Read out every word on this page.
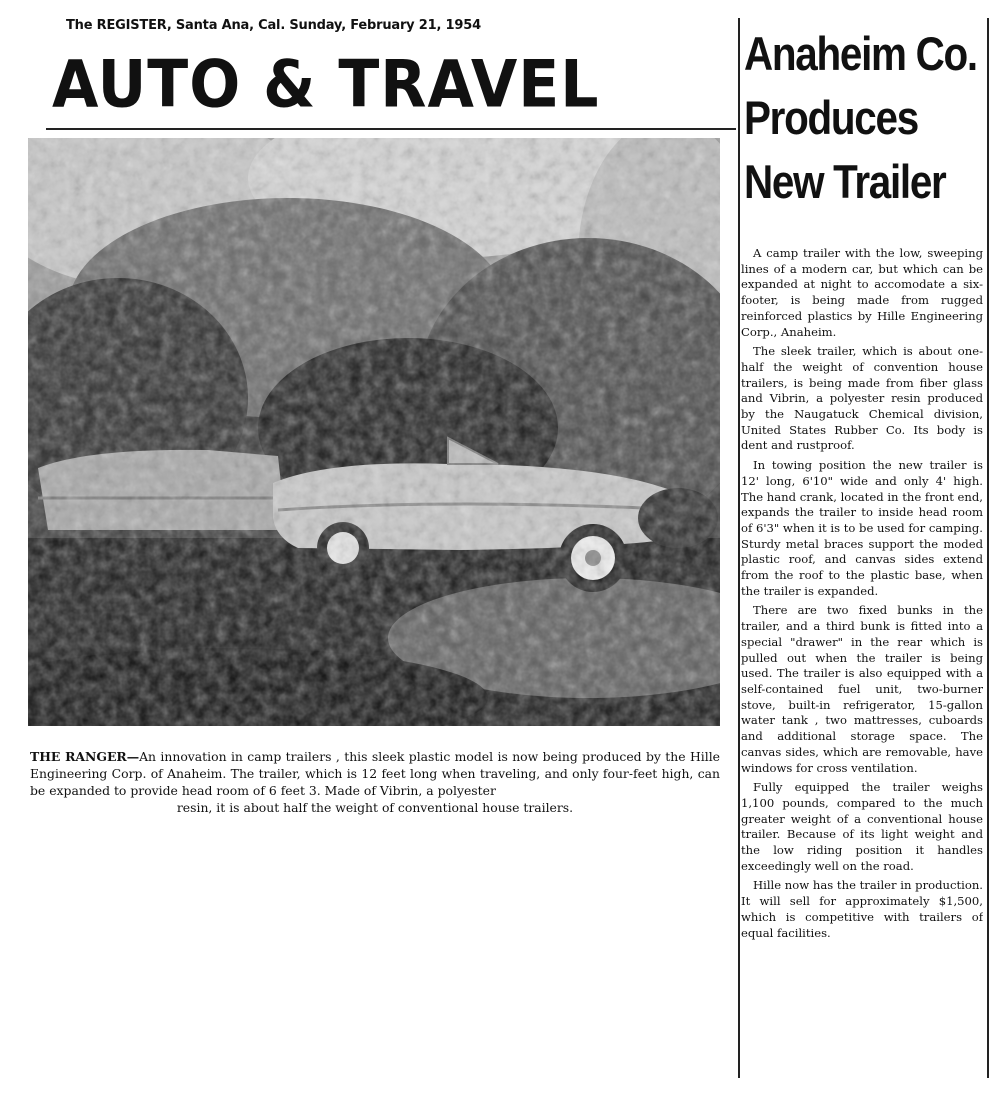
The REGISTER, Santa Ana, Cal. Sunday, February 21, 1954
AUTO & TRAVEL
THE RANGER—An innovation in camp trailers , this sleek plastic model is now being produced by the Hille Engineering Corp. of Anaheim. The trailer, which is 12 feet long when traveling, and only four-feet high, can be expanded to provide head room of 6 feet 3. Made of Vibrin, a polyester
resin, it is about half the weight of conventional house trailers.
Anaheim Co.
Produces
New Trailer

A camp trailer with the low, sweeping lines of a modern car, but which can be expanded at night to accomodate a six-footer, is being made from rugged reinforced plastics by Hille Engineering Corp., Anaheim.

The sleek trailer, which is about one-half the weight of convention house trailers, is being made from fiber glass and Vibrin, a polyester resin produced by the Naugatuck Chemical division, United States Rubber Co. Its body is dent and rustproof.

In towing position the new trailer is 12' long, 6'10" wide and only 4' high. The hand crank, located in the front end, expands the trailer to inside head room of 6'3" when it is to be used for camping. Sturdy metal braces support the moded plastic roof, and canvas sides extend from the roof to the plastic base, when the trailer is expanded.

There are two fixed bunks in the trailer, and a third bunk is fitted into a special "drawer" in the rear which is pulled out when the trailer is being used. The trailer is also equipped with a self-contained fuel unit, two-burner stove, built-in refrigerator, 15-gallon water tank , two mattresses, cuboards and additional storage space. The canvas sides, which are removable, have windows for cross ventilation.

Fully equipped the trailer weighs 1,100 pounds, compared to the much greater weight of a conventional house trailer. Because of its light weight and the low riding position it handles exceedingly well on the road.

Hille now has the trailer in production. It will sell for approximately $1,500, which is competitive with trailers of equal facilities.
